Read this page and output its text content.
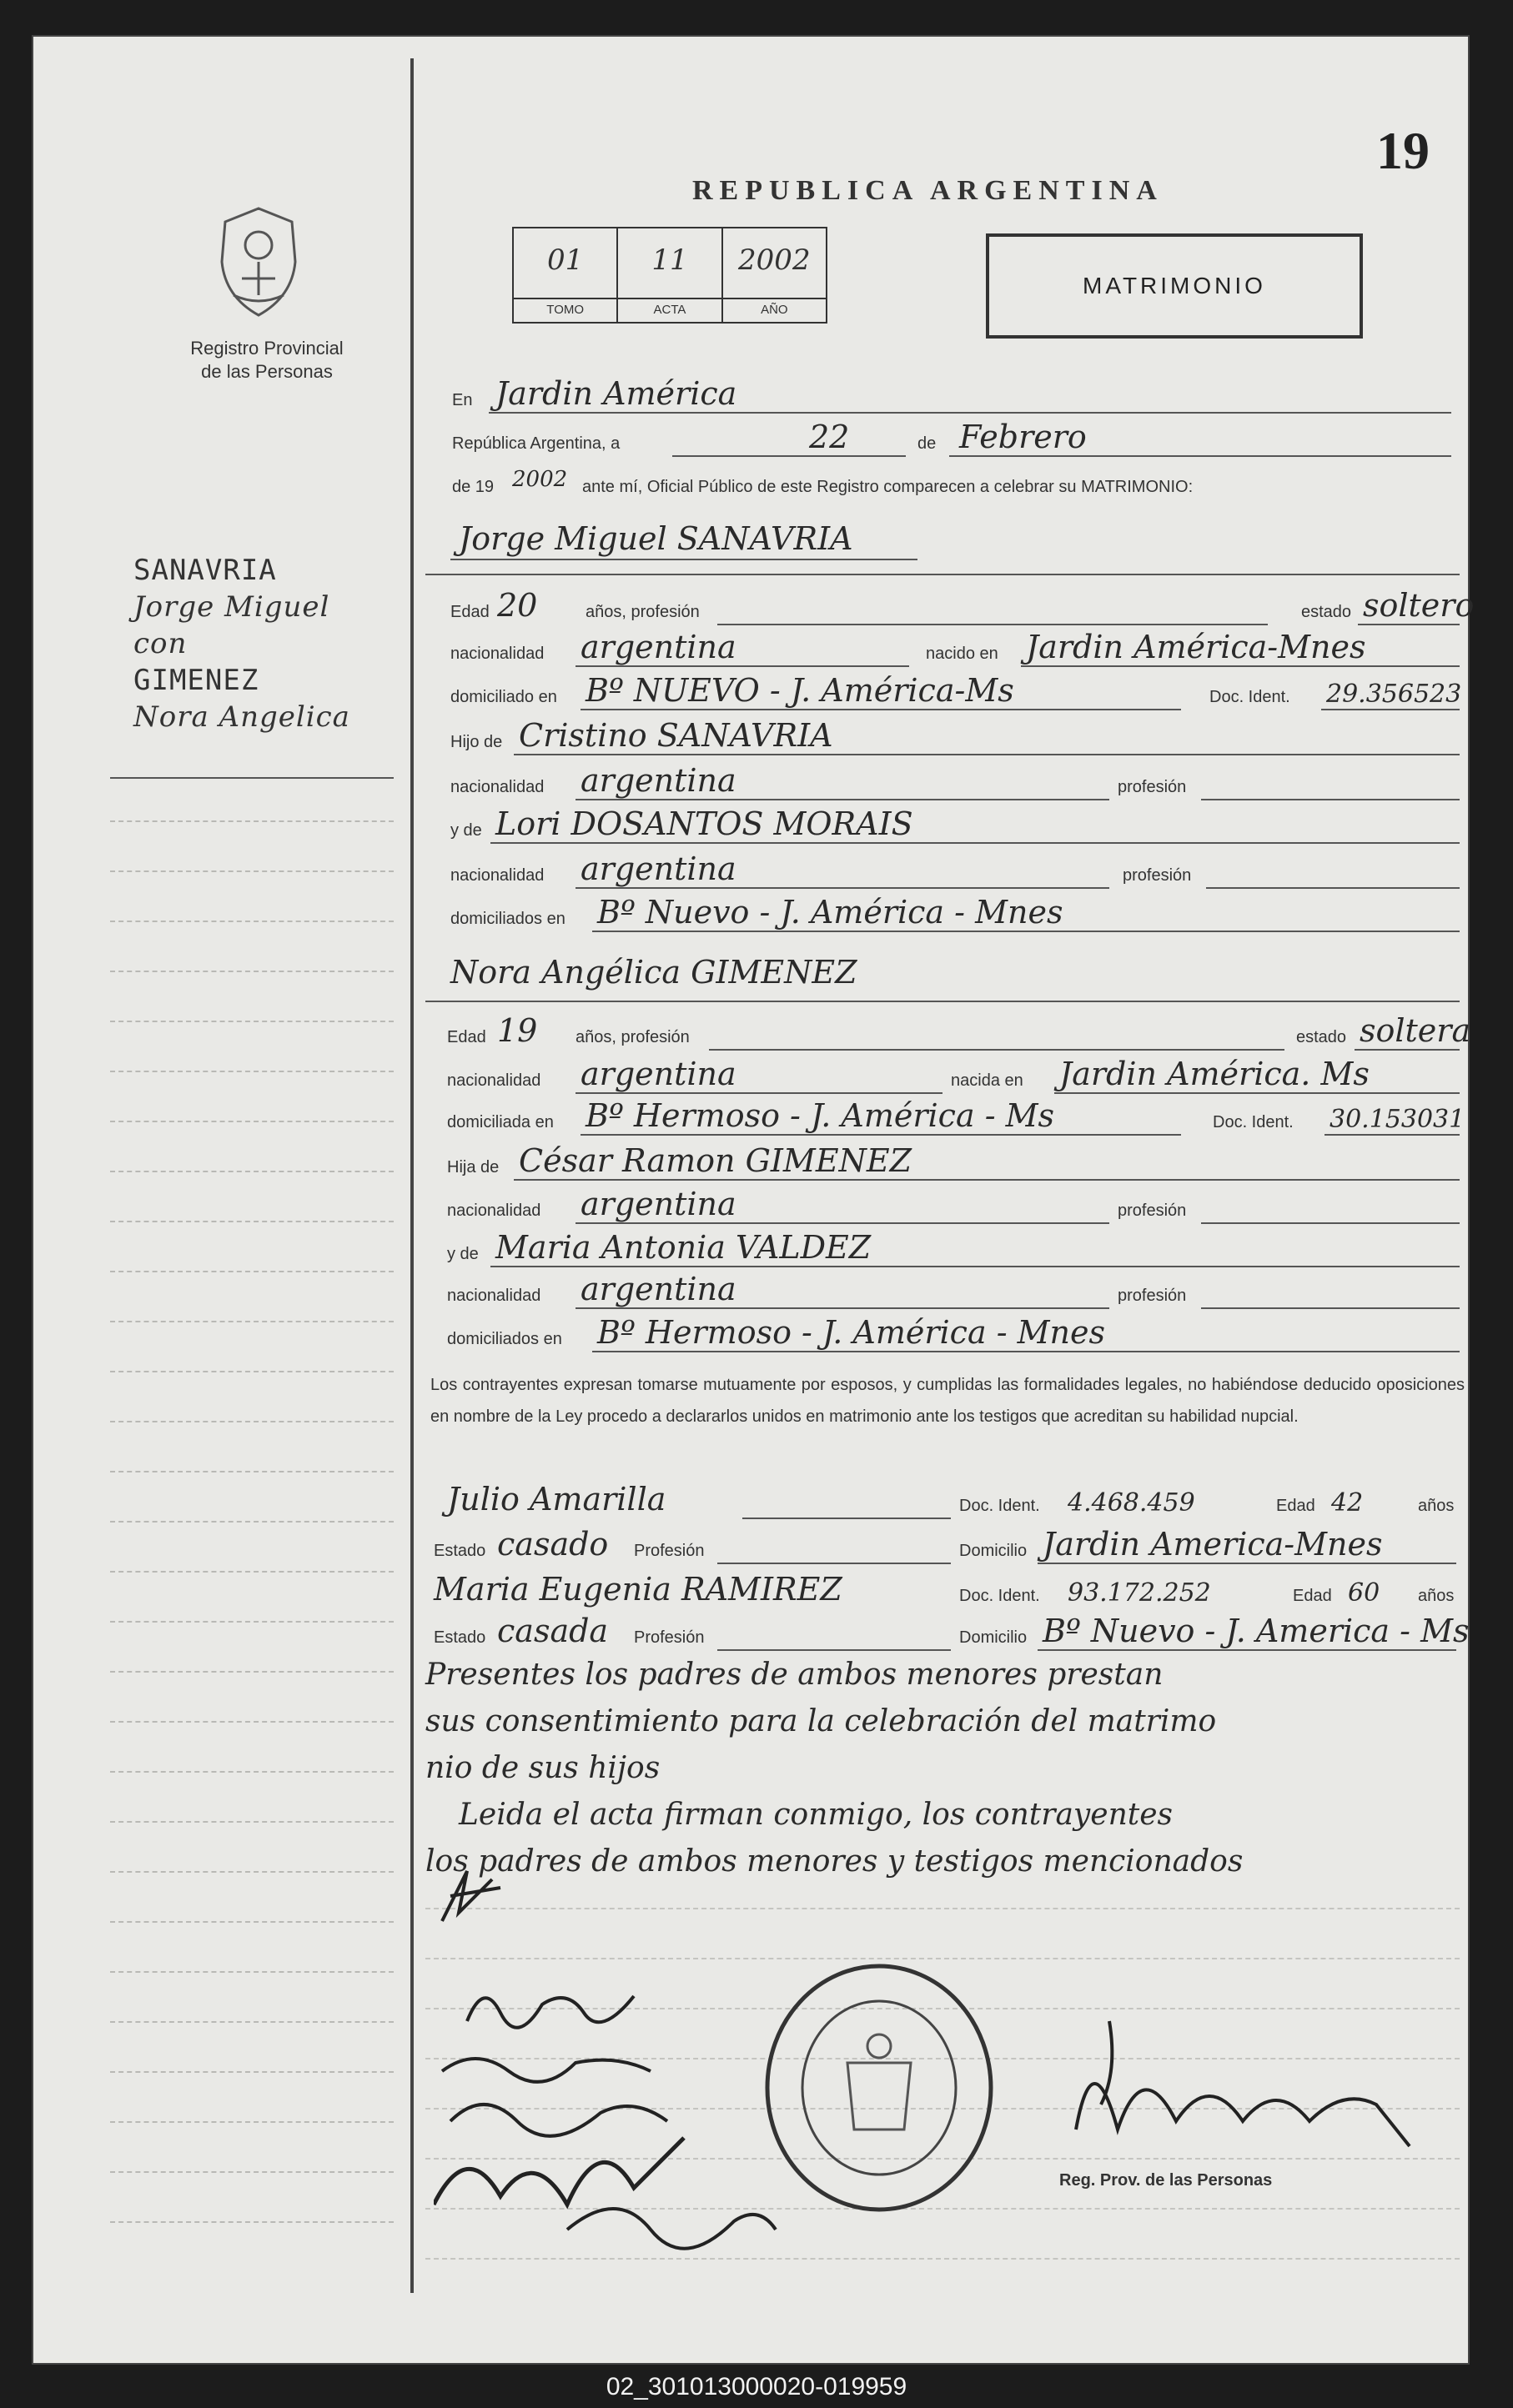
Registro Provincial
de las Personas
SANAVRIA
Jorge Miguel
con
GIMENEZ
Nora Angelica
19
REPUBLICA ARGENTINA
01
TOMO
11
ACTA
2002
AÑO
MATRIMONIO
En Jardin América
República Argentina, a	22	de Febrero
de 19 2002 ante mí, Oficial Público de este Registro comparecen a celebrar su MATRIMONIO:
Jorge Miguel SANAVRIA
Edad 20	años, profesión	estado soltero
nacionalidad argentina	nacido en Jardin América-Mnes
domiciliado en Bº NUEVO - J. América-Ms	Doc. Ident. 29.356523
Hijo de Cristino SANAVRIA
nacionalidad argentina	profesión
y de Lori DOSANTOS MORAIS
nacionalidad argentina	profesión
domiciliados en Bº Nuevo - J. América - Mnes
Nora Angélica GIMENEZ
Edad 19 años, profesión	estado soltera
nacionalidad argentina	nacida en Jardin América. Ms
domiciliada en Bº Hermoso - J. América - Ms	Doc. Ident. 30.153031
Hija de César Ramon GIMENEZ
nacionalidad argentina	profesión
y de Maria Antonia VALDEZ
nacionalidad argentina	profesión
domiciliados en Bº Hermoso - J. América - Mnes
Los contrayentes expresan tomarse mutuamente por esposos, y cumplidas las formalidades legales, no habiéndose deducido oposiciones en nombre de la Ley procedo a declararlos unidos en matrimonio ante los testigos que acreditan su habilidad nupcial.
Julio Amarilla	Doc. Ident. 4.468.459	Edad 42	años
Estado casado Profesión	Domicilio Jardin America-Mnes
Maria Eugenia RAMIREZ	Doc. Ident. 93.172.252	Edad 60 años
Estado casada Profesión	Domicilio Bº Nuevo - J. America - Ms
Presentes los padres de ambos menores prestan
sus consentimiento para la celebración del matrimo
nio de sus hijos
Leida el acta firman conmigo, los contrayentes
los padres de ambos menores y testigos mencionados
Reg. Prov. de las Personas
02_301013000020-019959
